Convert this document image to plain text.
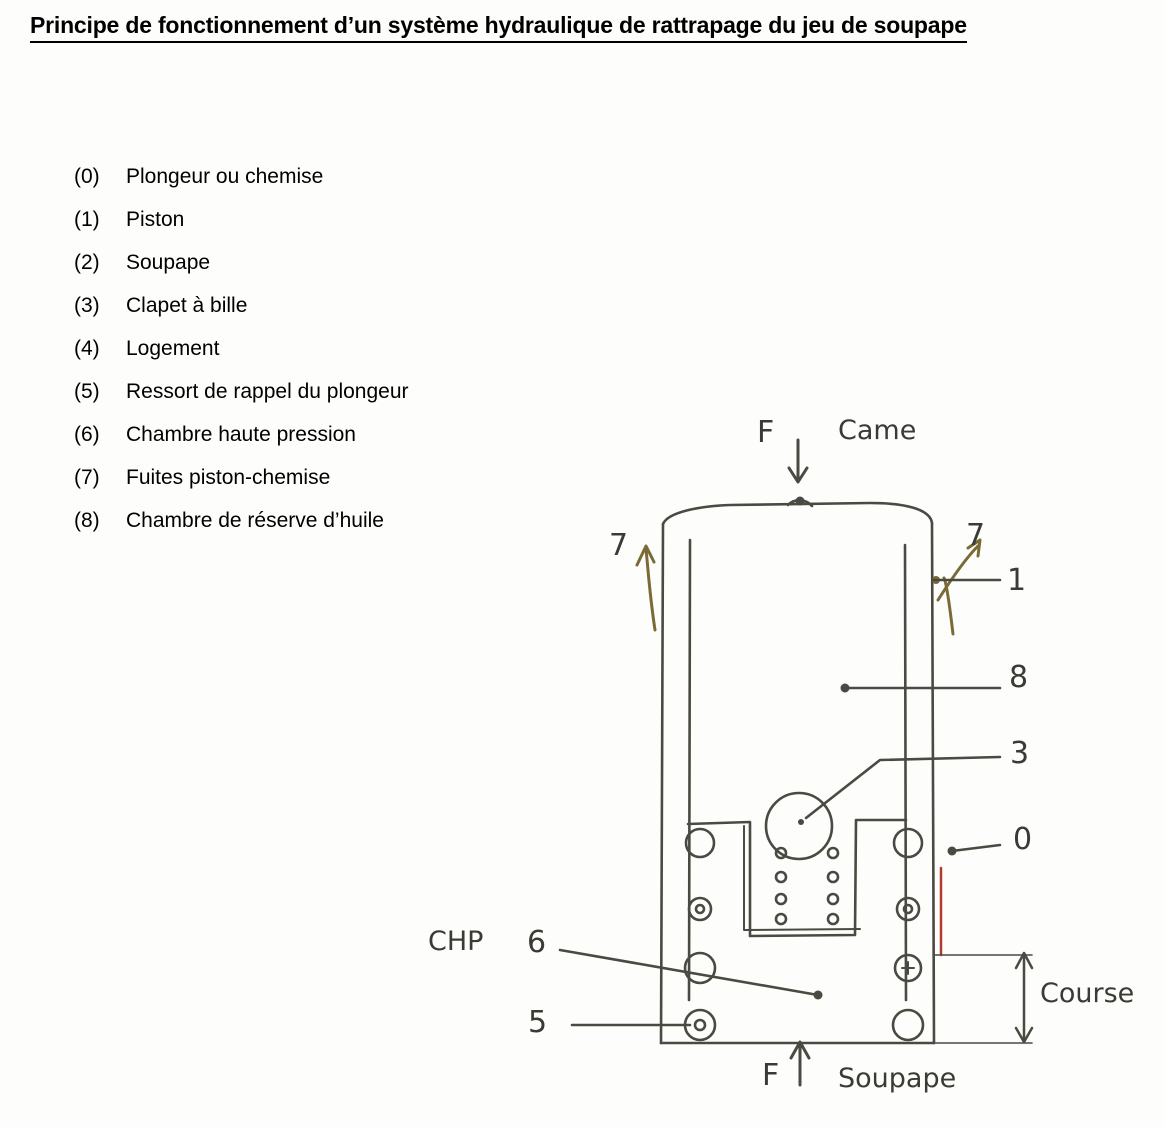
Principe de fonctionnement d’un système hydraulique de rattrapage du jeu de soupape
(0)	Plongeur ou chemise
(1)	Piston
(2)	Soupape
(3)	Clapet à bille
(4)	Logement
(5)	Ressort de rappel du plongeur
(6)	Chambre haute pression
(7)	Fuites piston-chemise
(8)	Chambre de réserve d’huile
F Came
7	7
1
8
3
0
CHP 6
5
Course
F Soupape
